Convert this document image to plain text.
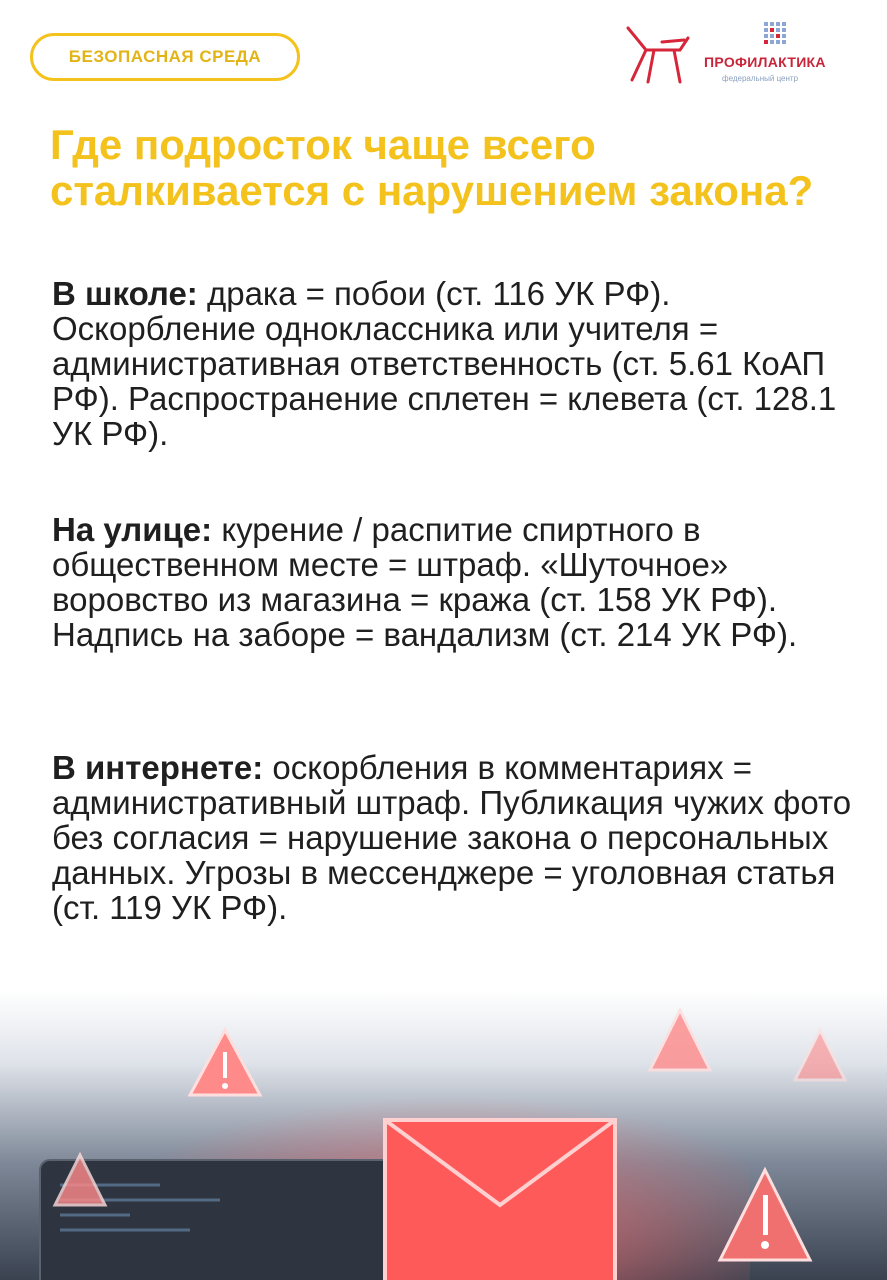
БЕЗОПАСНАЯ СРЕДА	ПРОФИЛАКТИКА
федеральный центр
Где подросток чаще всего сталкивается с нарушением закона?

В школе: драка = побои (ст. 116 УК РФ). Оскорбление одноклассника или учителя = административная ответственность (ст. 5.61 КоАП РФ). Распространение сплетен = клевета (ст. 128.1 УК РФ).

На улице: курение / распитие спиртного в общественном месте = штраф. «Шуточное» воровство из магазина = кража (ст. 158 УК РФ). Надпись на заборе = вандализм (ст. 214 УК РФ).

В интернете: оскорбления в комментариях = административный штраф. Публикация чужих фото без согласия = нарушение закона о персональных данных. Угрозы в мессенджере = уголовная статья (ст. 119 УК РФ).
